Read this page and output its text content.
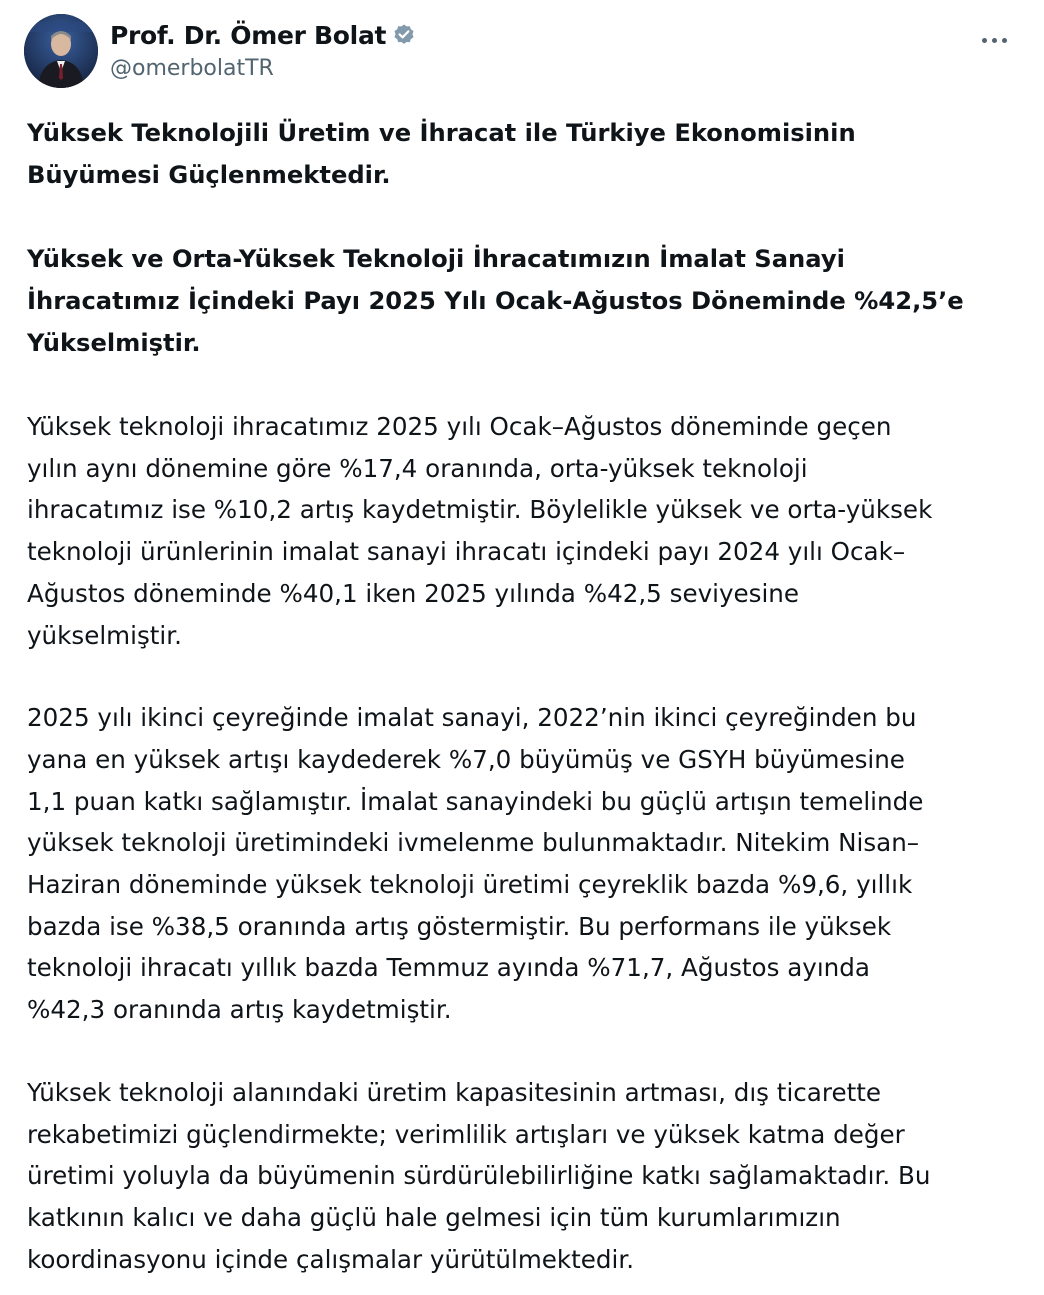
Prof. Dr. Ömer Bolat
@omerbolatTR
Yüksek Teknolojili Üretim ve İhracat ile Türkiye Ekonomisinin
Büyümesi Güçlenmektedir.
Yüksek ve Orta-Yüksek Teknoloji İhracatımızın İmalat Sanayi
İhracatımız İçindeki Payı 2025 Yılı Ocak-Ağustos Döneminde %42,5’e
Yükselmiştir.
Yüksek teknoloji ihracatımız 2025 yılı Ocak–Ağustos döneminde geçen
yılın aynı dönemine göre %17,4 oranında, orta-yüksek teknoloji
ihracatımız ise %10,2 artış kaydetmiştir. Böylelikle yüksek ve orta-yüksek
teknoloji ürünlerinin imalat sanayi ihracatı içindeki payı 2024 yılı Ocak–
Ağustos döneminde %40,1 iken 2025 yılında %42,5 seviyesine
yükselmiştir.
2025 yılı ikinci çeyreğinde imalat sanayi, 2022’nin ikinci çeyreğinden bu
yana en yüksek artışı kaydederek %7,0 büyümüş ve GSYH büyümesine
1,1 puan katkı sağlamıştır. İmalat sanayindeki bu güçlü artışın temelinde
yüksek teknoloji üretimindeki ivmelenme bulunmaktadır. Nitekim Nisan–
Haziran döneminde yüksek teknoloji üretimi çeyreklik bazda %9,6, yıllık
bazda ise %38,5 oranında artış göstermiştir. Bu performans ile yüksek
teknoloji ihracatı yıllık bazda Temmuz ayında %71,7, Ağustos ayında
%42,3 oranında artış kaydetmiştir.
Yüksek teknoloji alanındaki üretim kapasitesinin artması, dış ticarette
rekabetimizi güçlendirmekte; verimlilik artışları ve yüksek katma değer
üretimi yoluyla da büyümenin sürdürülebilirliğine katkı sağlamaktadır. Bu
katkının kalıcı ve daha güçlü hale gelmesi için tüm kurumlarımızın
koordinasyonu içinde çalışmalar yürütülmektedir.
